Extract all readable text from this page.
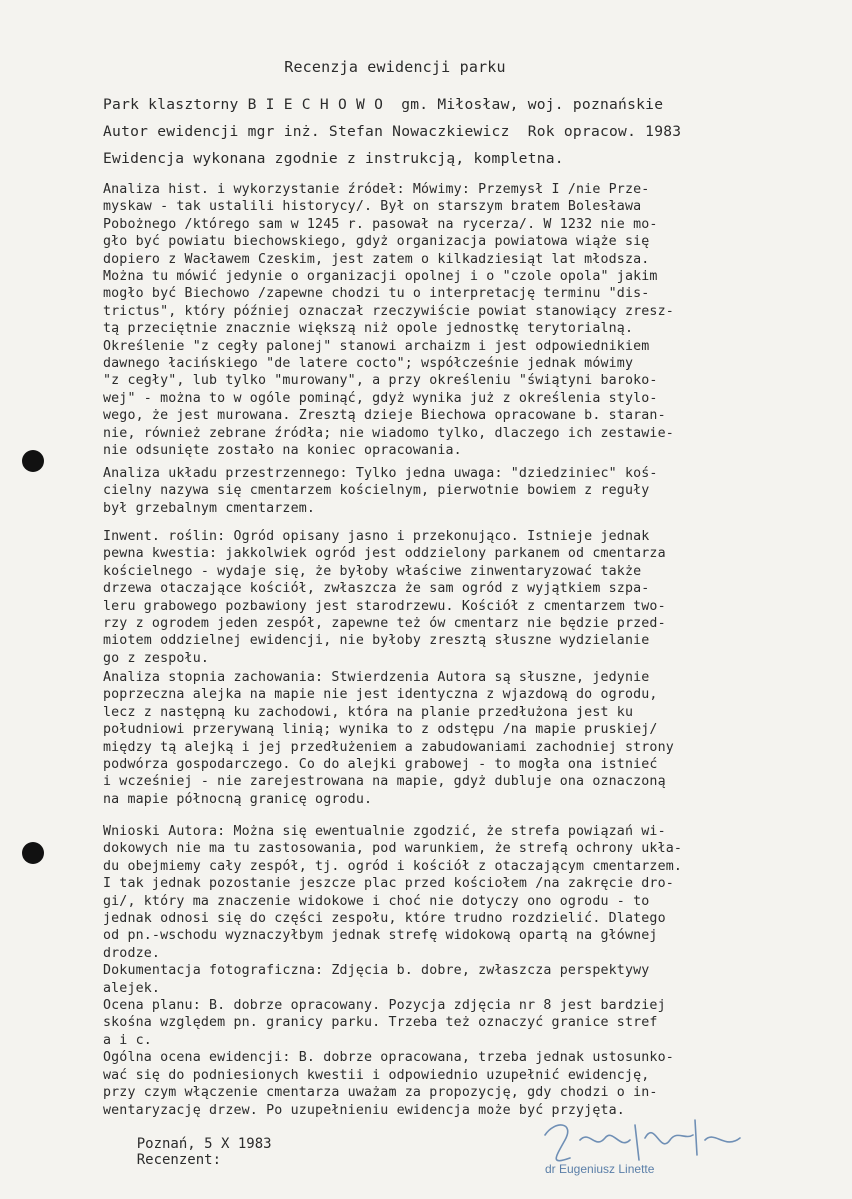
Recenzja ewidencji parku
Park klasztorny B I E C H O W O  gm. Miłosław, woj. poznańskie
Autor ewidencji mgr inż. Stefan Nowaczkiewicz  Rok opracow. 1983
Ewidencja wykonana zgodnie z instrukcją, kompletna.
Analiza hist. i wykorzystanie źródeł: Mówimy: Przemysł I /nie Prze-
myskaw - tak ustalili historycy/. Był on starszym bratem Bolesława
Pobożnego /którego sam w 1245 r. pasował na rycerza/. W 1232 nie mo-
gło być powiatu biechowskiego, gdyż organizacja powiatowa wiąże się
dopiero z Wacławem Czeskim, jest zatem o kilkadziesiąt lat młodsza.
Można tu mówić jedynie o organizacji opolnej i o "czole opola" jakim
mogło być Biechowo /zapewne chodzi tu o interpretację terminu "dis-
trictus", który później oznaczał rzeczywiście powiat stanowiący zresz-
tą przeciętnie znacznie większą niż opole jednostkę terytorialną.
Określenie "z cegły palonej" stanowi archaizm i jest odpowiednikiem
dawnego łacińskiego "de latere cocto"; współcześnie jednak mówimy
"z cegły", lub tylko "murowany", a przy określeniu "świątyni baroko-
wej" - można to w ogóle pominąć, gdyż wynika już z określenia stylo-
wego, że jest murowana. Zresztą dzieje Biechowa opracowane b. staran-
nie, również zebrane źródła; nie wiadomo tylko, dlaczego ich zestawie-
nie odsunięte zostało na koniec opracowania.
Analiza układu przestrzennego: Tylko jedna uwaga: "dziedziniec" koś-
cielny nazywa się cmentarzem kościelnym, pierwotnie bowiem z reguły
był grzebalnym cmentarzem.
Inwent. roślin: Ogród opisany jasno i przekonująco. Istnieje jednak
pewna kwestia: jakkolwiek ogród jest oddzielony parkanem od cmentarza
kościelnego - wydaje się, że byłoby właściwe zinwentaryzować także
drzewa otaczające kościół, zwłaszcza że sam ogród z wyjątkiem szpa-
leru grabowego pozbawiony jest starodrzewu. Kościół z cmentarzem two-
rzy z ogrodem jeden zespół, zapewne też ów cmentarz nie będzie przed-
miotem oddzielnej ewidencji, nie byłoby zresztą słuszne wydzielanie
go z zespołu.
Analiza stopnia zachowania: Stwierdzenia Autora są słuszne, jedynie
poprzeczna alejka na mapie nie jest identyczna z wjazdową do ogrodu,
lecz z następną ku zachodowi, która na planie przedłużona jest ku
południowi przerywaną linią; wynika to z odstępu /na mapie pruskiej/
między tą alejką i jej przedłużeniem a zabudowaniami zachodniej strony
podwórza gospodarczego. Co do alejki grabowej - to mogła ona istnieć
i wcześniej - nie zarejestrowana na mapie, gdyż dubluje ona oznaczoną
na mapie północną granicę ogrodu.
Wnioski Autora: Można się ewentualnie zgodzić, że strefa powiązań wi-
dokowych nie ma tu zastosowania, pod warunkiem, że strefą ochrony ukła-
du obejmiemy cały zespół, tj. ogród i kościół z otaczającym cmentarzem.
I tak jednak pozostanie jeszcze plac przed kościołem /na zakręcie dro-
gi/, który ma znaczenie widokowe i choć nie dotyczy ono ogrodu - to
jednak odnosi się do części zespołu, które trudno rozdzielić. Dlatego
od pn.-wschodu wyznaczyłbym jednak strefę widokową opartą na głównej
drodze.
Dokumentacja fotograficzna: Zdjęcia b. dobre, zwłaszcza perspektywy
alejek.
Ocena planu: B. dobrze opracowany. Pozycja zdjęcia nr 8 jest bardziej
skośna względem pn. granicy parku. Trzeba też oznaczyć granice stref
a i c.
Ogólna ocena ewidencji: B. dobrze opracowana, trzeba jednak ustosunko-
wać się do podniesionych kwestii i odpowiednio uzupełnić ewidencję,
przy czym włączenie cmentarza uważam za propozycję, gdy chodzi o in-
wentaryzację drzew. Po uzupełnieniu ewidencja może być przyjęta.

Poznań, 5 X 1983
Recenzent:

dr Eugeniusz Linette
